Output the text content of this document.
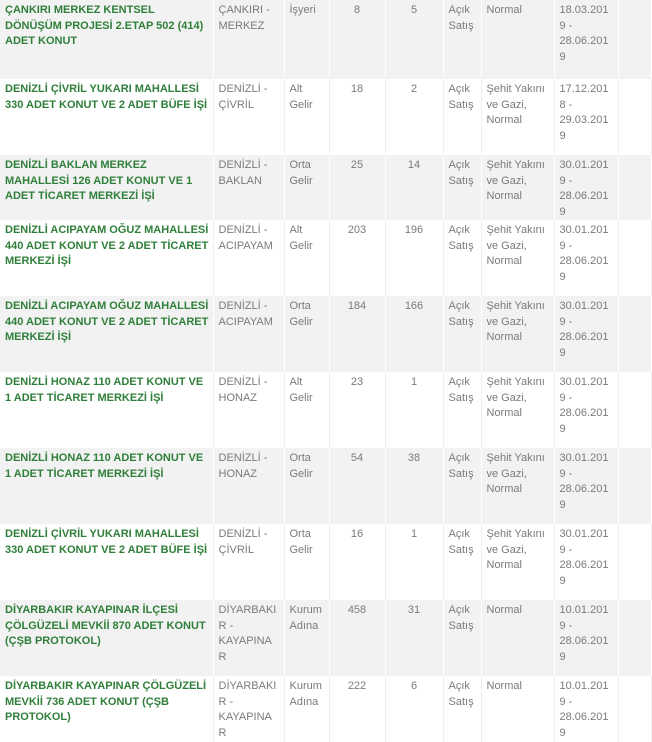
ÇANKIRI MERKEZ KENTSEL DÖNÜŞÜM PROJESİ 2.ETAP 502 (414) ADET KONUT	ÇANKIRI - MERKEZ	İşyeri	8	5	Açık Satış	Normal	18.03.2019 - 28.06.2019	
DENİZLİ ÇİVRİL YUKARI MAHALLESİ 330 ADET KONUT VE 2 ADET BÜFE İŞİ	DENİZLİ - ÇİVRİL	Alt Gelir	18	2	Açık Satış	Şehit Yakını ve Gazi, Normal	17.12.2018 - 29.03.2019	
DENİZLİ BAKLAN MERKEZ MAHALLESİ 126 ADET KONUT VE 1 ADET TİCARET MERKEZİ İŞİ	DENİZLİ - BAKLAN	Orta Gelir	25	14	Açık Satış	Şehit Yakını ve Gazi, Normal	30.01.2019 - 28.06.2019	
DENİZLİ ACIPAYAM OĞUZ MAHALLESİ 440 ADET KONUT VE 2 ADET TİCARET MERKEZİ İŞİ	DENİZLİ - ACIPAYAM	Alt Gelir	203	196	Açık Satış	Şehit Yakını ve Gazi, Normal	30.01.2019 - 28.06.2019	
DENİZLİ ACIPAYAM OĞUZ MAHALLESİ 440 ADET KONUT VE 2 ADET TİCARET MERKEZİ İŞİ	DENİZLİ - ACIPAYAM	Orta Gelir	184	166	Açık Satış	Şehit Yakını ve Gazi, Normal	30.01.2019 - 28.06.2019	
DENİZLİ HONAZ 110 ADET KONUT VE 1 ADET TİCARET MERKEZİ İŞİ	DENİZLİ - HONAZ	Alt Gelir	23	1	Açık Satış	Şehit Yakını ve Gazi, Normal	30.01.2019 - 28.06.2019	
DENİZLİ HONAZ 110 ADET KONUT VE 1 ADET TİCARET MERKEZİ İŞİ	DENİZLİ - HONAZ	Orta Gelir	54	38	Açık Satış	Şehit Yakını ve Gazi, Normal	30.01.2019 - 28.06.2019	
DENİZLİ ÇİVRİL YUKARI MAHALLESİ 330 ADET KONUT VE 2 ADET BÜFE İŞİ	DENİZLİ - ÇİVRİL	Orta Gelir	16	1	Açık Satış	Şehit Yakını ve Gazi, Normal	30.01.2019 - 28.06.2019	
DİYARBAKIR KAYAPINAR İLÇESİ ÇÖLGÜZELİ MEVKİİ 870 ADET KONUT (ÇŞB PROTOKOL)	DİYARBAKIR - KAYAPINAR	Kurum Adına	458	31	Açık Satış	Normal	10.01.2019 - 28.06.2019	
DİYARBAKIR KAYAPINAR ÇÖLGÜZELİ MEVKİİ 736 ADET KONUT (ÇŞB PROTOKOL)	DİYARBAKIR - KAYAPINAR	Kurum Adına	222	6	Açık Satış	Normal	10.01.2019 - 28.06.2019	
